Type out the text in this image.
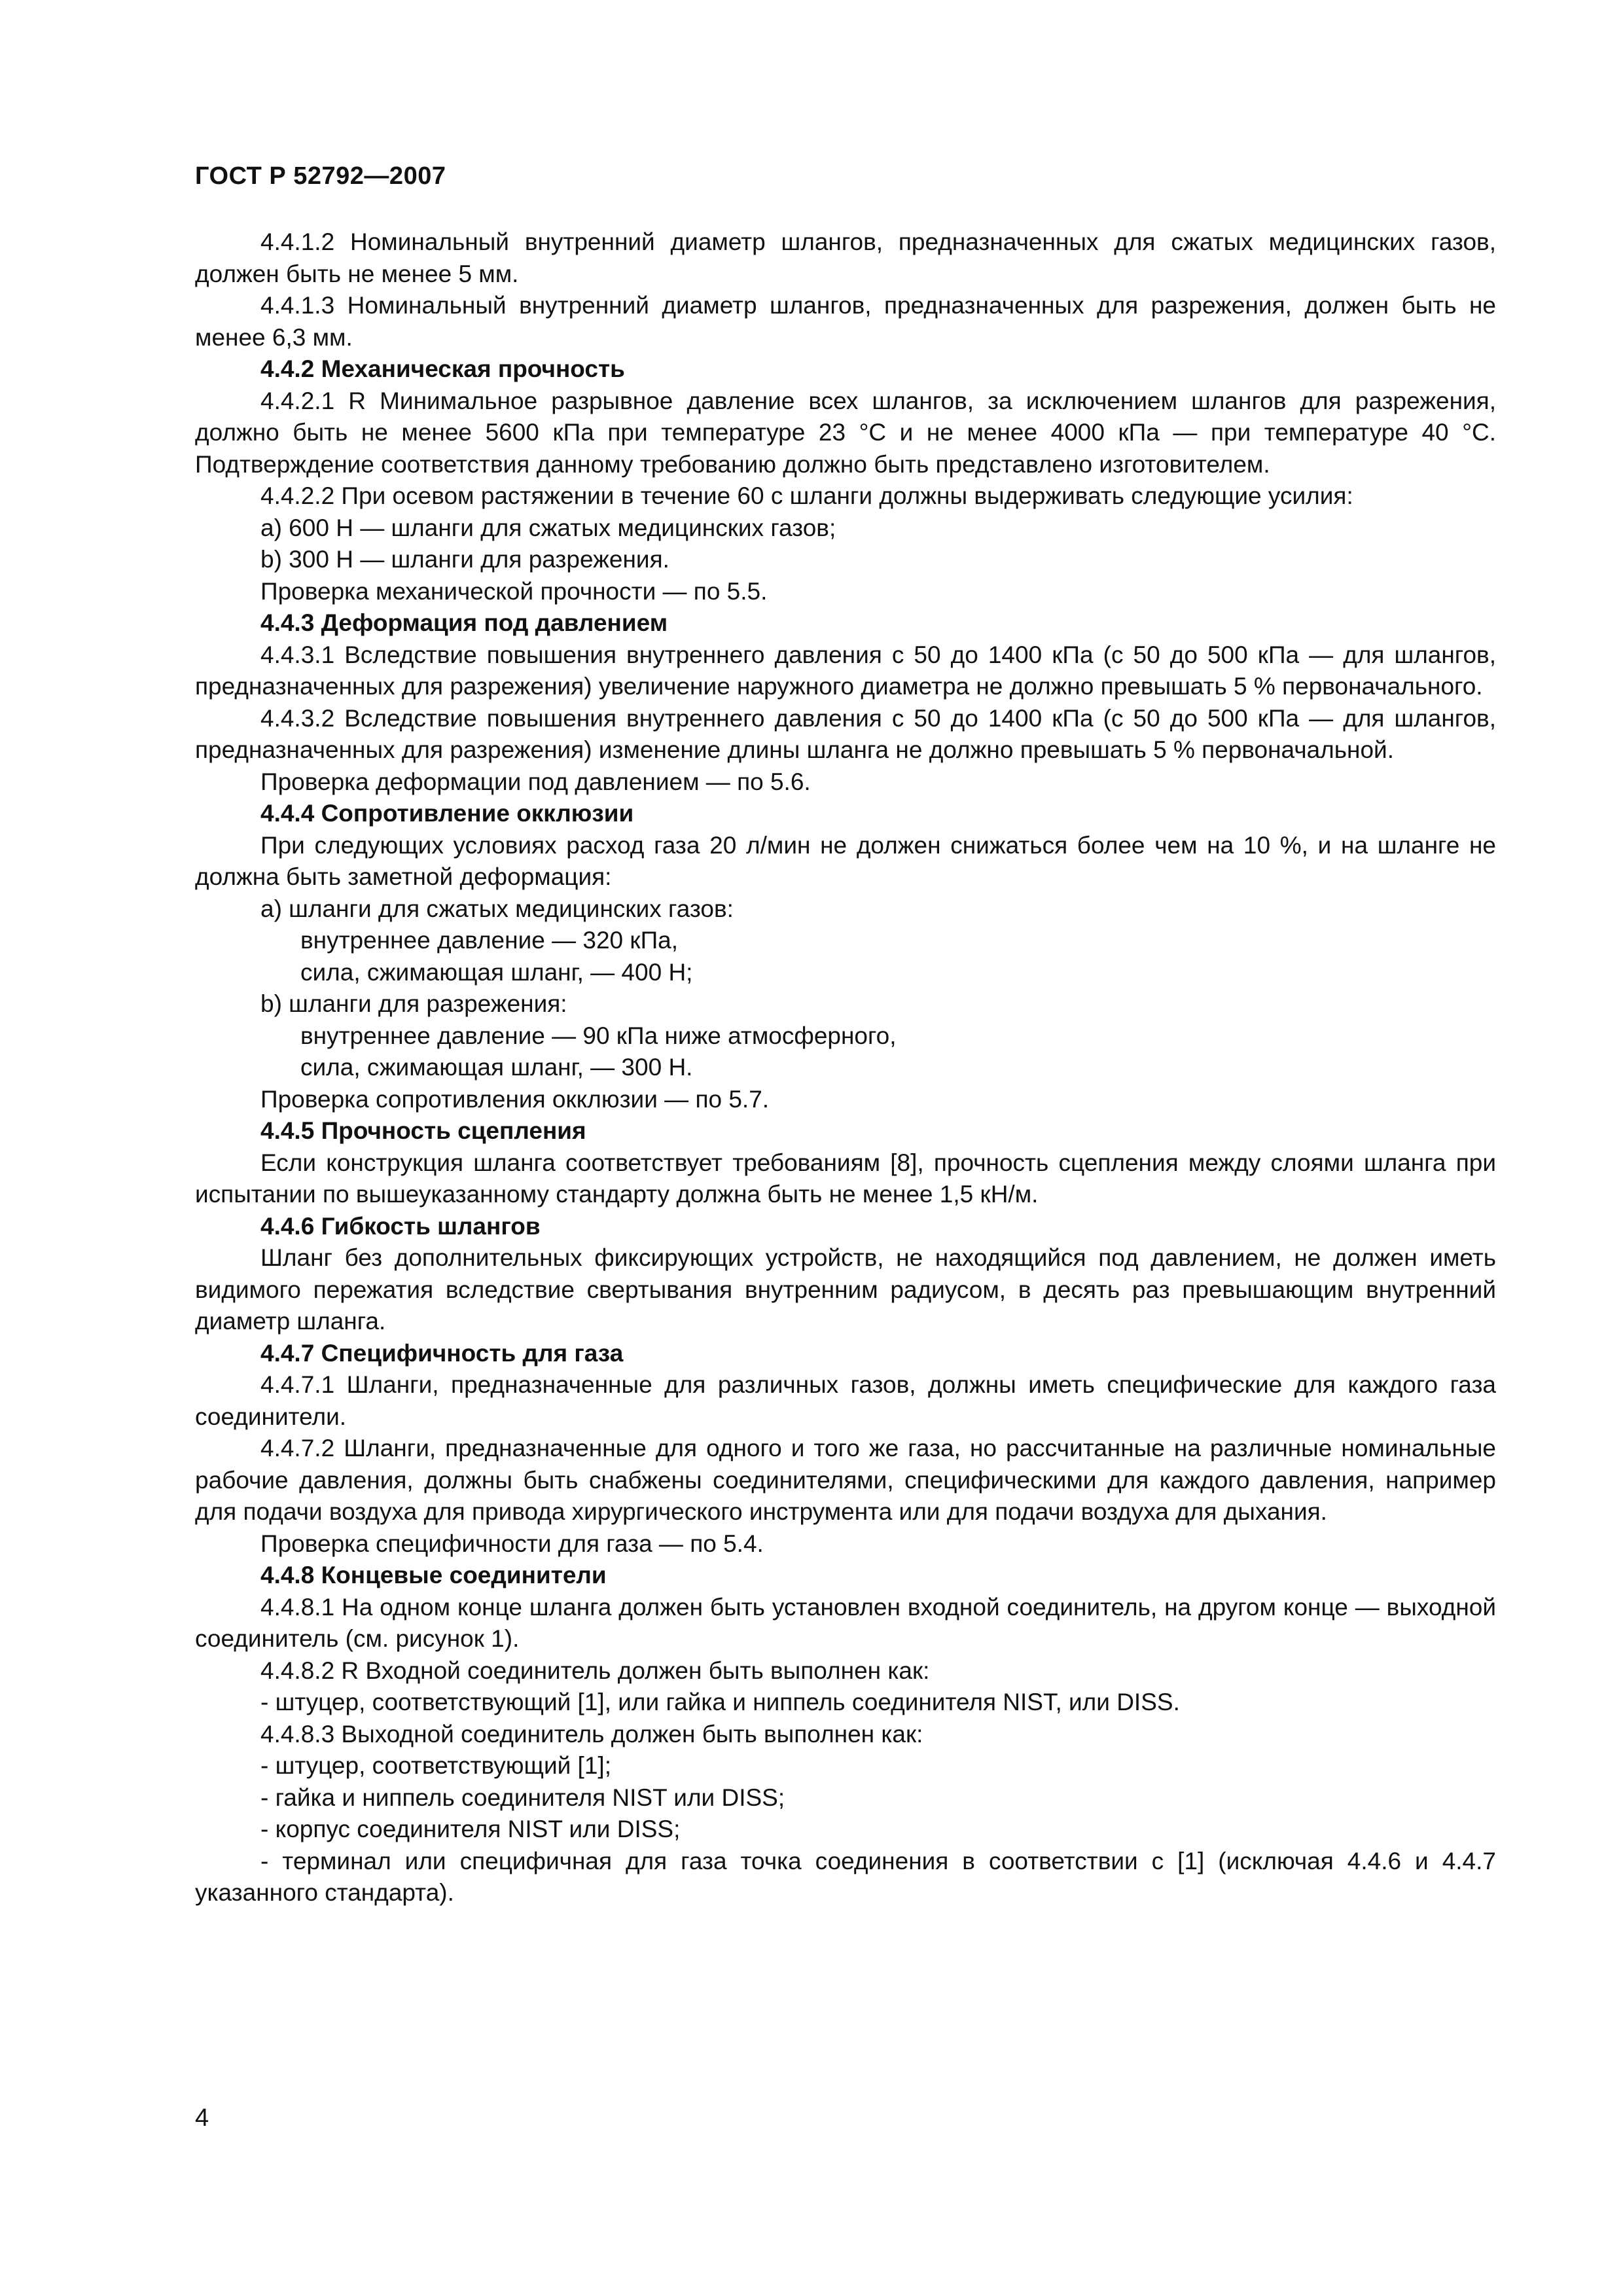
ГОСТ Р 52792—2007

4.4.1.2 Номинальный внутренний диаметр шлангов, предназначенных для сжатых медицинских газов, должен быть не менее 5 мм.

4.4.1.3 Номинальный внутренний диаметр шлангов, предназначенных для разрежения, должен быть не менее 6,3 мм.

4.4.2 Механическая прочность

4.4.2.1 R Минимальное разрывное давление всех шлангов, за исключением шлангов для разрежения, должно быть не менее 5600 кПа при температуре 23 °С и не менее 4000 кПа — при температуре 40 °С. Подтверждение соответствия данному требованию должно быть представлено изготовителем.

4.4.2.2 При осевом растяжении в течение 60 с шланги должны выдерживать следующие усилия:

a) 600 Н — шланги для сжатых медицинских газов;

b) 300 Н — шланги для разрежения.

Проверка механической прочности — по 5.5.

4.4.3 Деформация под давлением

4.4.3.1 Вследствие повышения внутреннего давления с 50 до 1400 кПа (с 50 до 500 кПа — для шлангов, предназначенных для разрежения) увеличение наружного диаметра не должно превышать 5 % первоначального.

4.4.3.2 Вследствие повышения внутреннего давления с 50 до 1400 кПа (с 50 до 500 кПа — для шлангов, предназначенных для разрежения) изменение длины шланга не должно превышать 5 % первоначальной.

Проверка деформации под давлением — по 5.6.

4.4.4 Сопротивление окклюзии

При следующих условиях расход газа 20 л/мин не должен снижаться более чем на 10 %, и на шланге не должна быть заметной деформация:

a) шланги для сжатых медицинских газов:

внутреннее давление — 320 кПа,

сила, сжимающая шланг, — 400 Н;

b) шланги для разрежения:

внутреннее давление — 90 кПа ниже атмосферного,

сила, сжимающая шланг, — 300 Н.

Проверка сопротивления окклюзии — по 5.7.

4.4.5 Прочность сцепления

Если конструкция шланга соответствует требованиям [8], прочность сцепления между слоями шланга при испытании по вышеуказанному стандарту должна быть не менее 1,5 кН/м.

4.4.6 Гибкость шлангов

Шланг без дополнительных фиксирующих устройств, не находящийся под давлением, не должен иметь видимого пережатия вследствие свертывания внутренним радиусом, в десять раз превышающим внутренний диаметр шланга.

4.4.7 Специфичность для газа

4.4.7.1 Шланги, предназначенные для различных газов, должны иметь специфические для каждого газа соединители.

4.4.7.2 Шланги, предназначенные для одного и того же газа, но рассчитанные на различные номинальные рабочие давления, должны быть снабжены соединителями, специфическими для каждого давления, например для подачи воздуха для привода хирургического инструмента или для подачи воздуха для дыхания.

Проверка специфичности для газа — по 5.4.

4.4.8 Концевые соединители

4.4.8.1 На одном конце шланга должен быть установлен входной соединитель, на другом конце — выходной соединитель (см. рисунок 1).

4.4.8.2 R Входной соединитель должен быть выполнен как:

- штуцер, соответствующий [1], или гайка и ниппель соединителя NIST, или DISS.

4.4.8.3 Выходной соединитель должен быть выполнен как:

- штуцер, соответствующий [1];

- гайка и ниппель соединителя NIST или DISS;

- корпус соединителя NIST или DISS;

- терминал или специфичная для газа точка соединения в соответствии с [1] (исключая 4.4.6 и 4.4.7 указанного стандарта).

4
